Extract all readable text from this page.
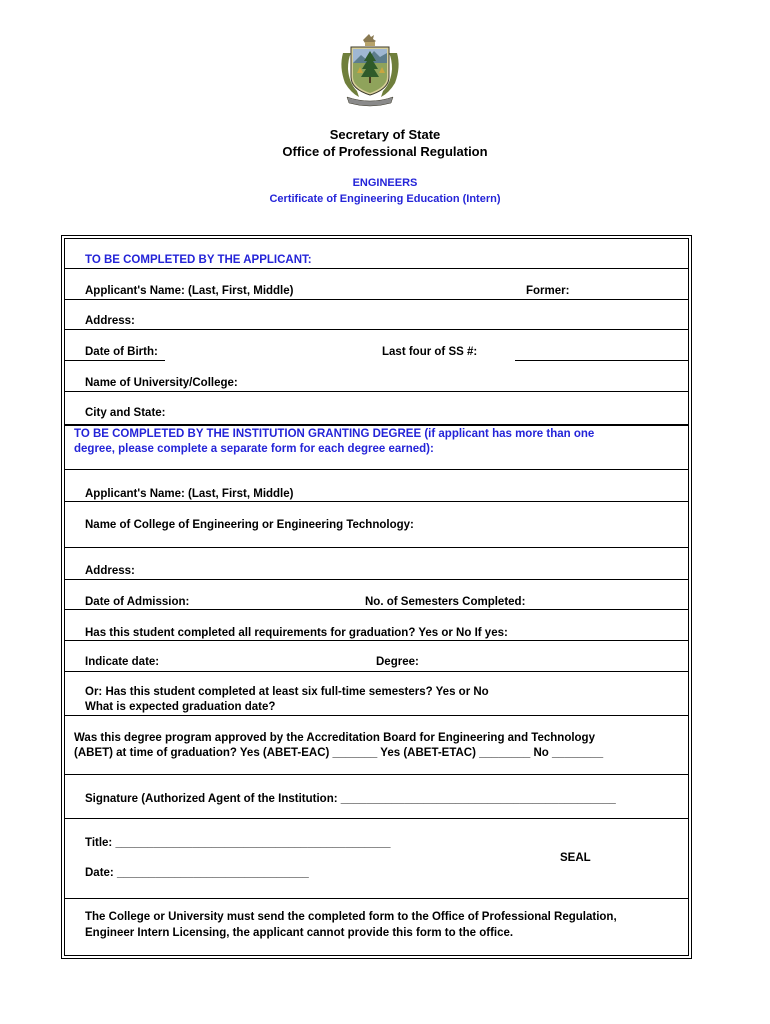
Secretary of State
Office of Professional Regulation
ENGINEERS
Certificate of Engineering Education (Intern)
TO BE COMPLETED BY THE APPLICANT:
Applicant's Name: (Last, First, Middle)	Former:
Address:
Date of Birth:	Last four of SS #:
Name of University/College:
City and State:
TO BE COMPLETED BY THE INSTITUTION GRANTING DEGREE (if applicant has more than one
degree, please complete a separate form for each degree earned):
Applicant's Name: (Last, First, Middle)
Name of College of Engineering or Engineering Technology:
Address:
Date of Admission:	No. of Semesters Completed:
Has this student completed all requirements for graduation? Yes or No If yes:
Indicate date:	Degree:
Or: Has this student completed at least six full-time semesters? Yes or No
What is expected graduation date?
Was this degree program approved by the Accreditation Board for Engineering and Technology
(ABET) at time of graduation? Yes (ABET-EAC) _______ Yes (ABET-ETAC) ________ No ________
Signature (Authorized Agent of the Institution: ___________________________________________
Title: ___________________________________________
SEAL
Date: ______________________________
The College or University must send the completed form to the Office of Professional Regulation,
Engineer Intern Licensing, the applicant cannot provide this form to the office.
